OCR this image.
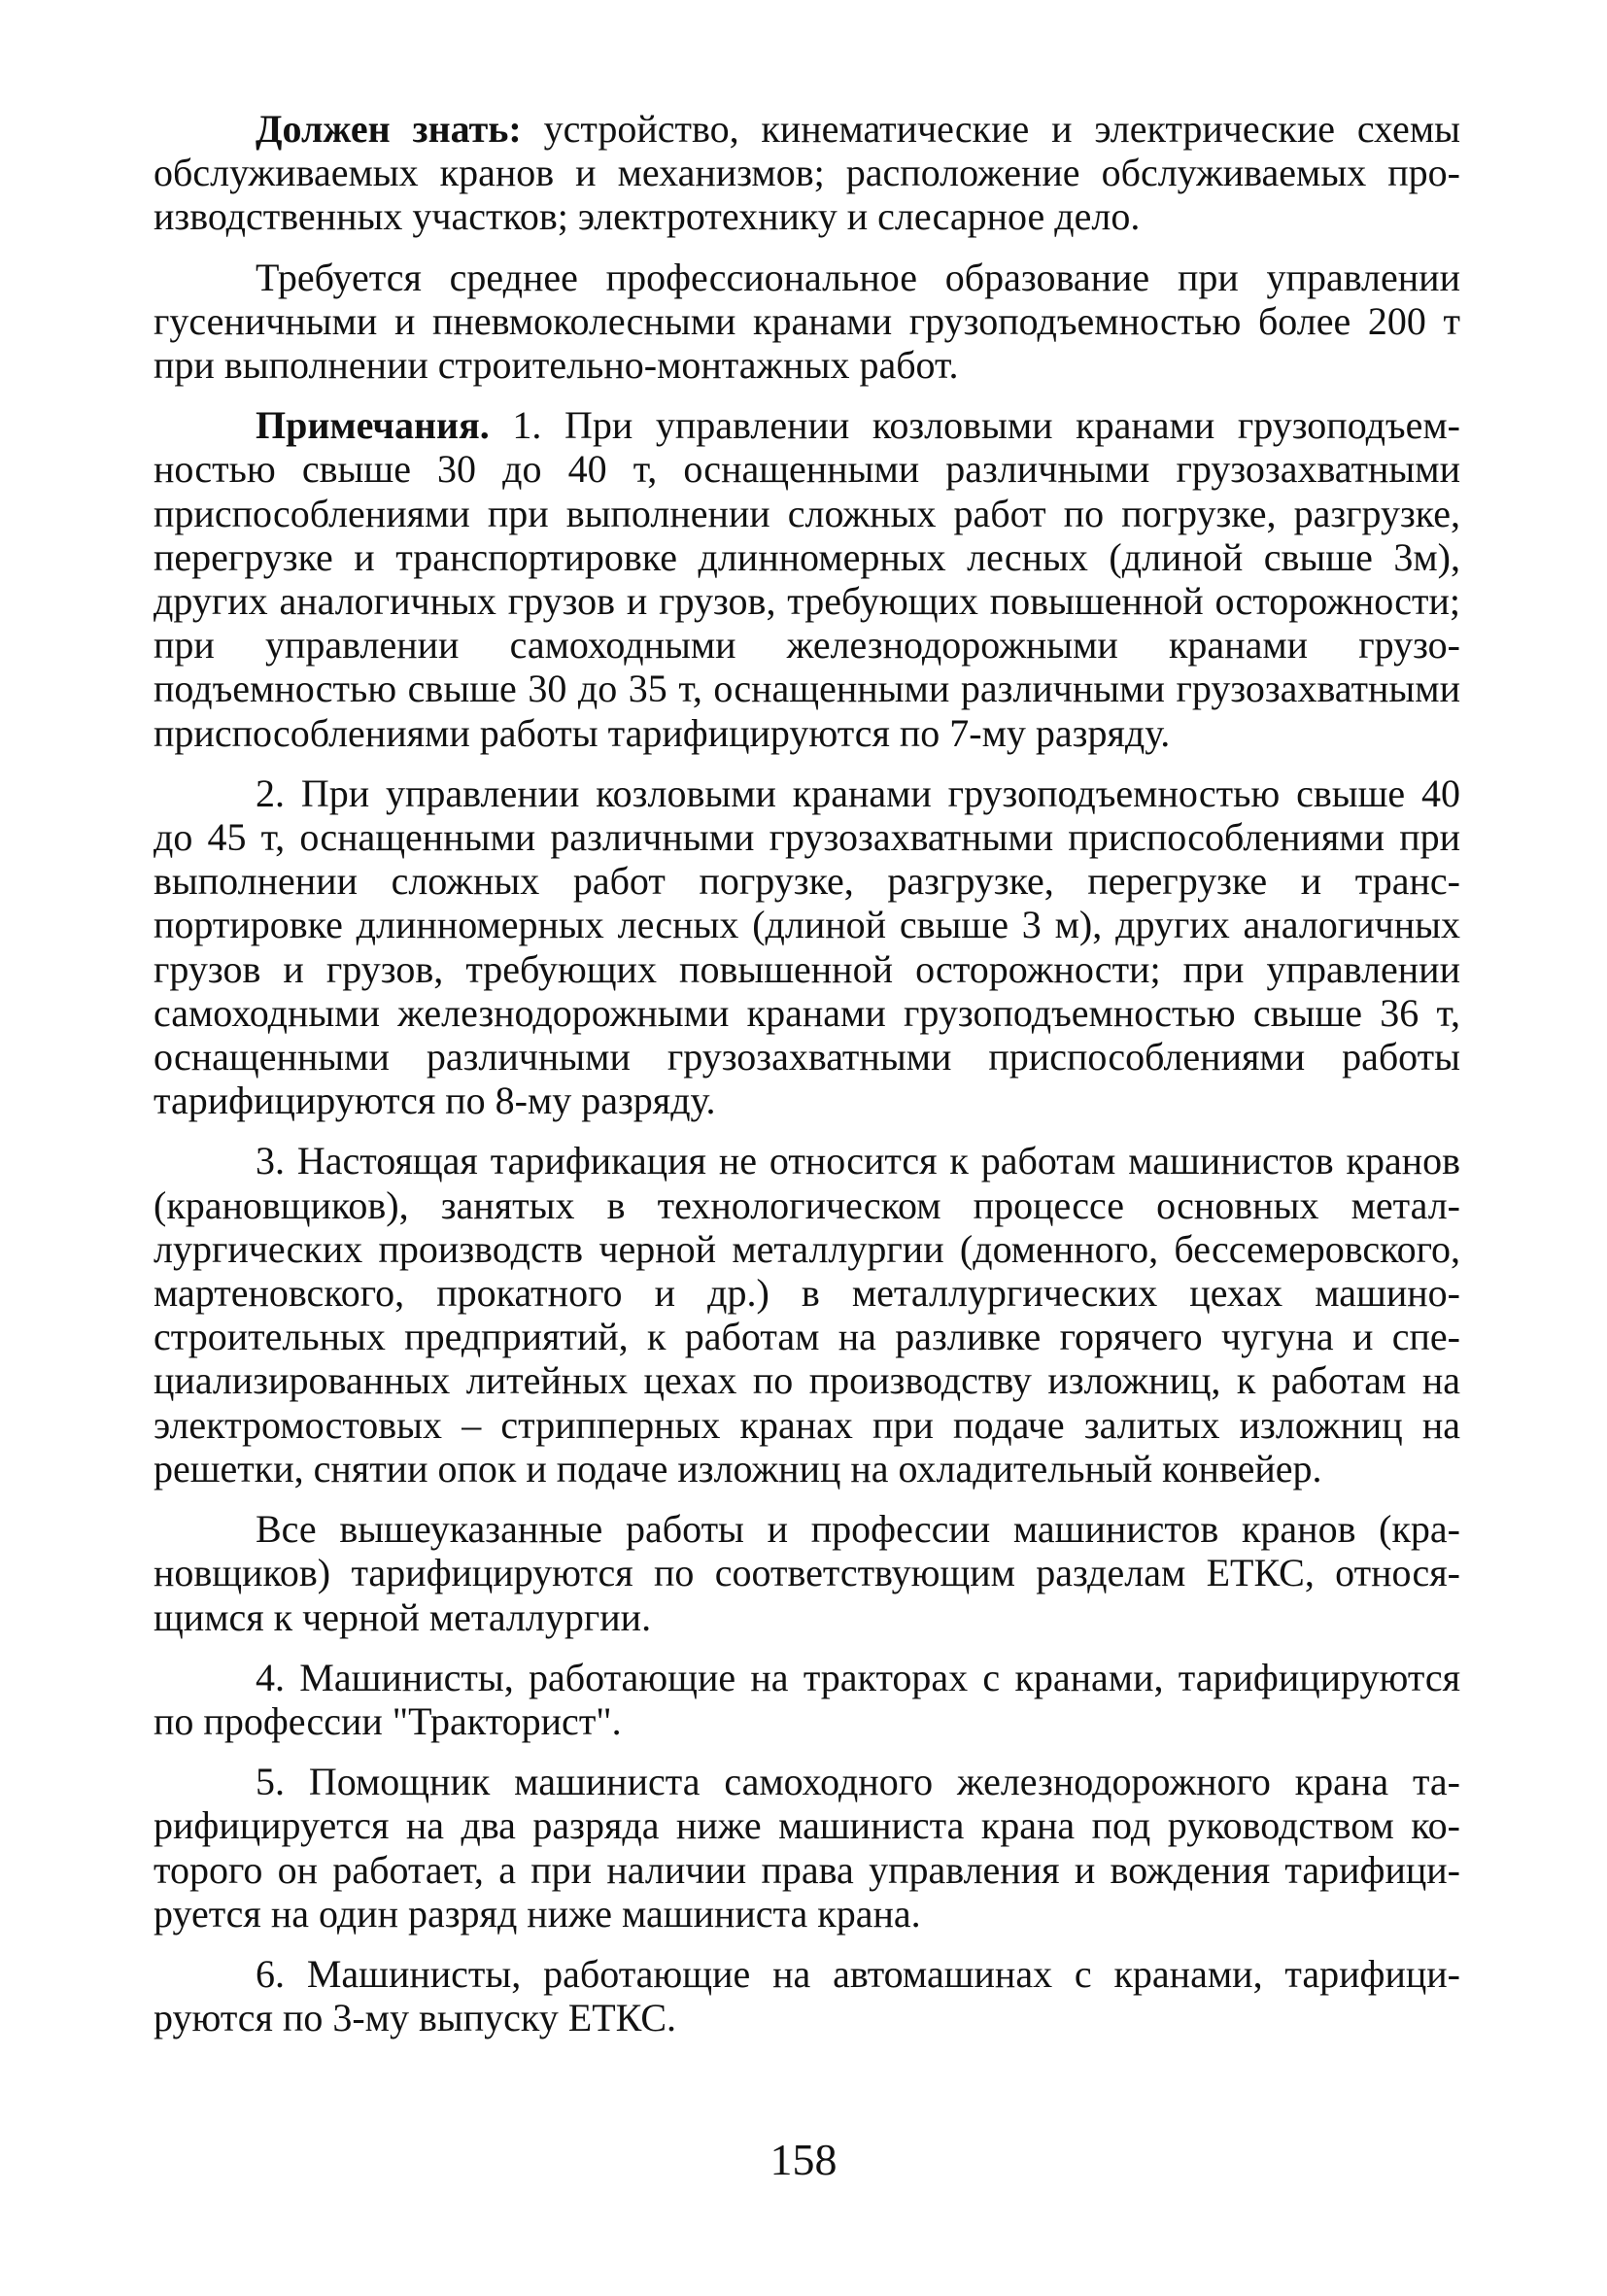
Должен знать: устройство, кинематические и электрические схемы обслуживаемых кранов и механизмов; расположение обслуживаемых производственных участков; электротехнику и слесарное дело.

Требуется среднее профессиональное образование при управлении гусеничными и пневмоколесными кранами грузоподъемностью более 200 т при выполнении строительно-монтажных работ.

Примечания. 1. При управлении козловыми кранами грузоподъемностью свыше 30 до 40 т, оснащенными различными грузозахватными приспособлениями при выполнении сложных работ по погрузке, разгрузке, перегрузке и транспортировке длинномерных лесных (длиной свыше 3м), других аналогичных грузов и грузов, требующих повышенной осторожности; при управлении самоходными железнодорожными кранами грузоподъемностью свыше 30 до 35 т, оснащенными различными грузозахватными приспособлениями работы тарифицируются по 7-му разряду.

2. При управлении козловыми кранами грузоподъемностью свыше 40 до 45 т, оснащенными различными грузозахватными приспособлениями при выполнении сложных работ погрузке, разгрузке, перегрузке и транспортировке длинномерных лесных (длиной свыше 3 м), других аналогичных грузов и грузов, требующих повышенной осторожности; при управлении самоходными железнодорожными кранами грузоподъемностью свыше 36 т, оснащенными различными грузозахватными приспособлениями работы тарифицируются по 8-му разряду.

3. Настоящая тарификация не относится к работам машинистов кранов (крановщиков), занятых в технологическом процессе основных металлургических производств черной металлургии (доменного, бессемеровского, мартеновского, прокатного и др.) в металлургических цехах машиностроительных предприятий, к работам на разливке горячего чугуна и специализированных литейных цехах по производству изложниц, к работам на электромостовых – стрипперных кранах при подаче залитых изложниц на решетки, снятии опок и подаче изложниц на охладительный конвейер.

Все вышеуказанные работы и профессии машинистов кранов (крановщиков) тарифицируются по соответствующим разделам ЕТКС, относящимся к черной металлургии.

4. Машинисты, работающие на тракторах с кранами, тарифицируются по профессии "Тракторист".

5. Помощник машиниста самоходного железнодорожного крана тарифицируется на два разряда ниже машиниста крана под руководством которого он работает, а при наличии права управления и вождения тарифицируется на один разряд ниже машиниста крана.

6. Машинисты, работающие на автомашинах с кранами, тарифицируются по 3-му выпуску ЕТКС.

158
